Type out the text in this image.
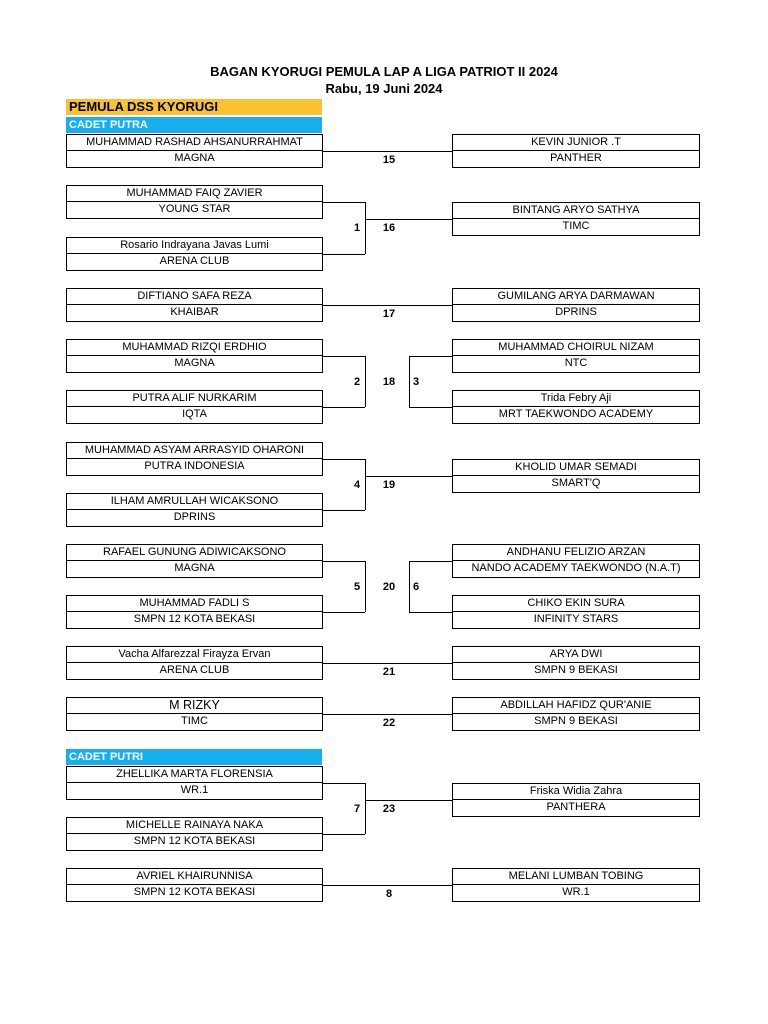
BAGAN KYORUGI PEMULA LAP A LIGA PATRIOT II 2024
Rabu, 19 Juni 2024
PEMULA DSS KYORUGI
CADET PUTRA
CADET PUTRI
MUHAMMAD RASHAD AHSANURRAHMAT
MAGNA
KEVIN JUNIOR .T
PANTHER
15
MUHAMMAD FAIQ ZAVIER
YOUNG STAR
Rosario Indrayana Javas Lumi
ARENA CLUB
BINTANG ARYO SATHYA
TIMC
1	16
DIFTIANO SAFA REZA
KHAIBAR
GUMILANG ARYA DARMAWAN
DPRINS
17
MUHAMMAD RIZQI ERDHIO
MAGNA
PUTRA ALIF NURKARIM
IQTA
MUHAMMAD CHOIRUL NIZAM
NTC
Trida Febry Aji
MRT TAEKWONDO ACADEMY
2	18	3
MUHAMMAD ASYAM ARRASYID OHARONI
PUTRA INDONESIA
ILHAM AMRULLAH WICAKSONO
DPRINS
KHOLID UMAR SEMADI
SMART'Q
4	19
RAFAEL GUNUNG ADIWICAKSONO
MAGNA
MUHAMMAD FADLI S
SMPN 12 KOTA BEKASI
ANDHANU FELIZIO ARZAN
NANDO ACADEMY TAEKWONDO (N.A.T)
CHIKO EKIN SURA
INFINITY STARS
5	20	6
Vacha Alfarezzal Firayza Ervan
ARENA CLUB
ARYA DWI
SMPN 9 BEKASI
21
M RIZKY
TIMC
ABDILLAH HAFIDZ QUR'ANIE
SMPN 9 BEKASI
22
ZHELLIKA MARTA FLORENSIA
WR.1
MICHELLE RAINAYA NAKA
SMPN 12 KOTA BEKASI
Friska Widia Zahra
PANTHERA
7	23
AVRIEL KHAIRUNNISA
SMPN 12 KOTA BEKASI
MELANI LUMBAN TOBING
WR.1
8
